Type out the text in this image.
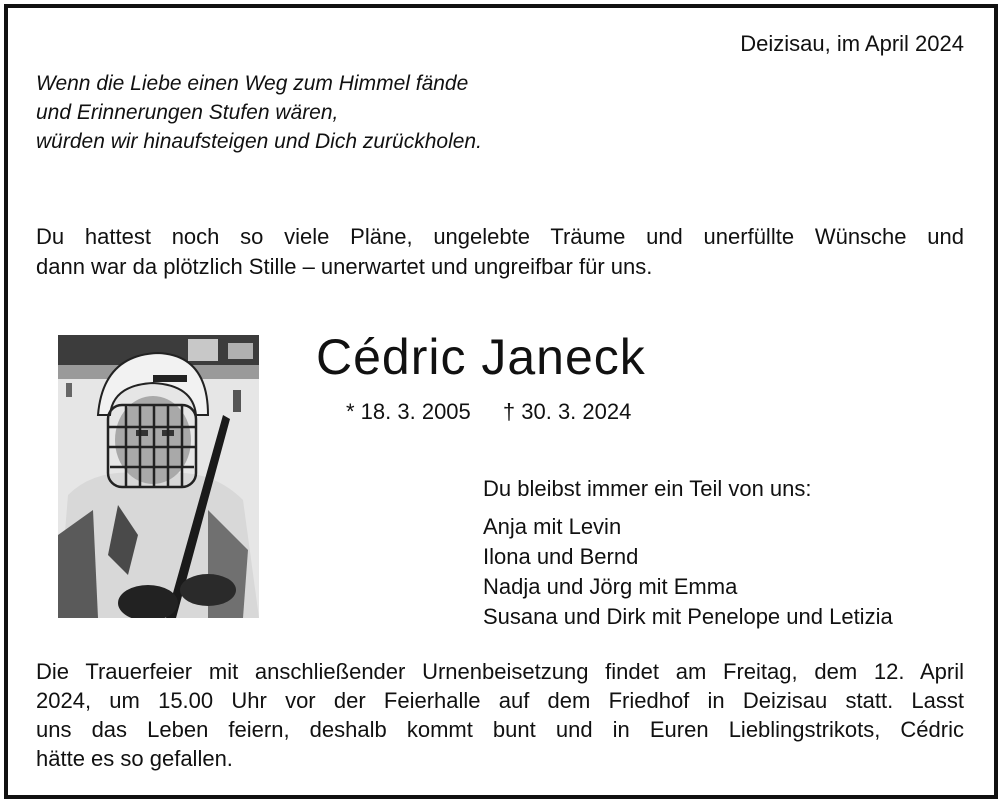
Deizisau, im April 2024
Wenn die Liebe einen Weg zum Himmel fände
und Erinnerungen Stufen wären,
würden wir hinaufsteigen und Dich zurückholen.
Du hattest noch so viele Pläne, ungelebte Träume und unerfüllte Wünsche und
dann war da plötzlich Stille – unerwartet und ungreifbar für uns.
Cédric Janeck
* 18. 3. 2005 † 30. 3. 2024
Du bleibst immer ein Teil von uns:
Anja mit Levin
Ilona und Bernd
Nadja und Jörg mit Emma
Susana und Dirk mit Penelope und Letizia
Die Trauerfeier mit anschließender Urnenbeisetzung findet am Freitag, dem 12. April
2024, um 15.00 Uhr vor der Feierhalle auf dem Friedhof in Deizisau statt. Lasst
uns das Leben feiern, deshalb kommt bunt und in Euren Lieblingstrikots, Cédric
hätte es so gefallen.
